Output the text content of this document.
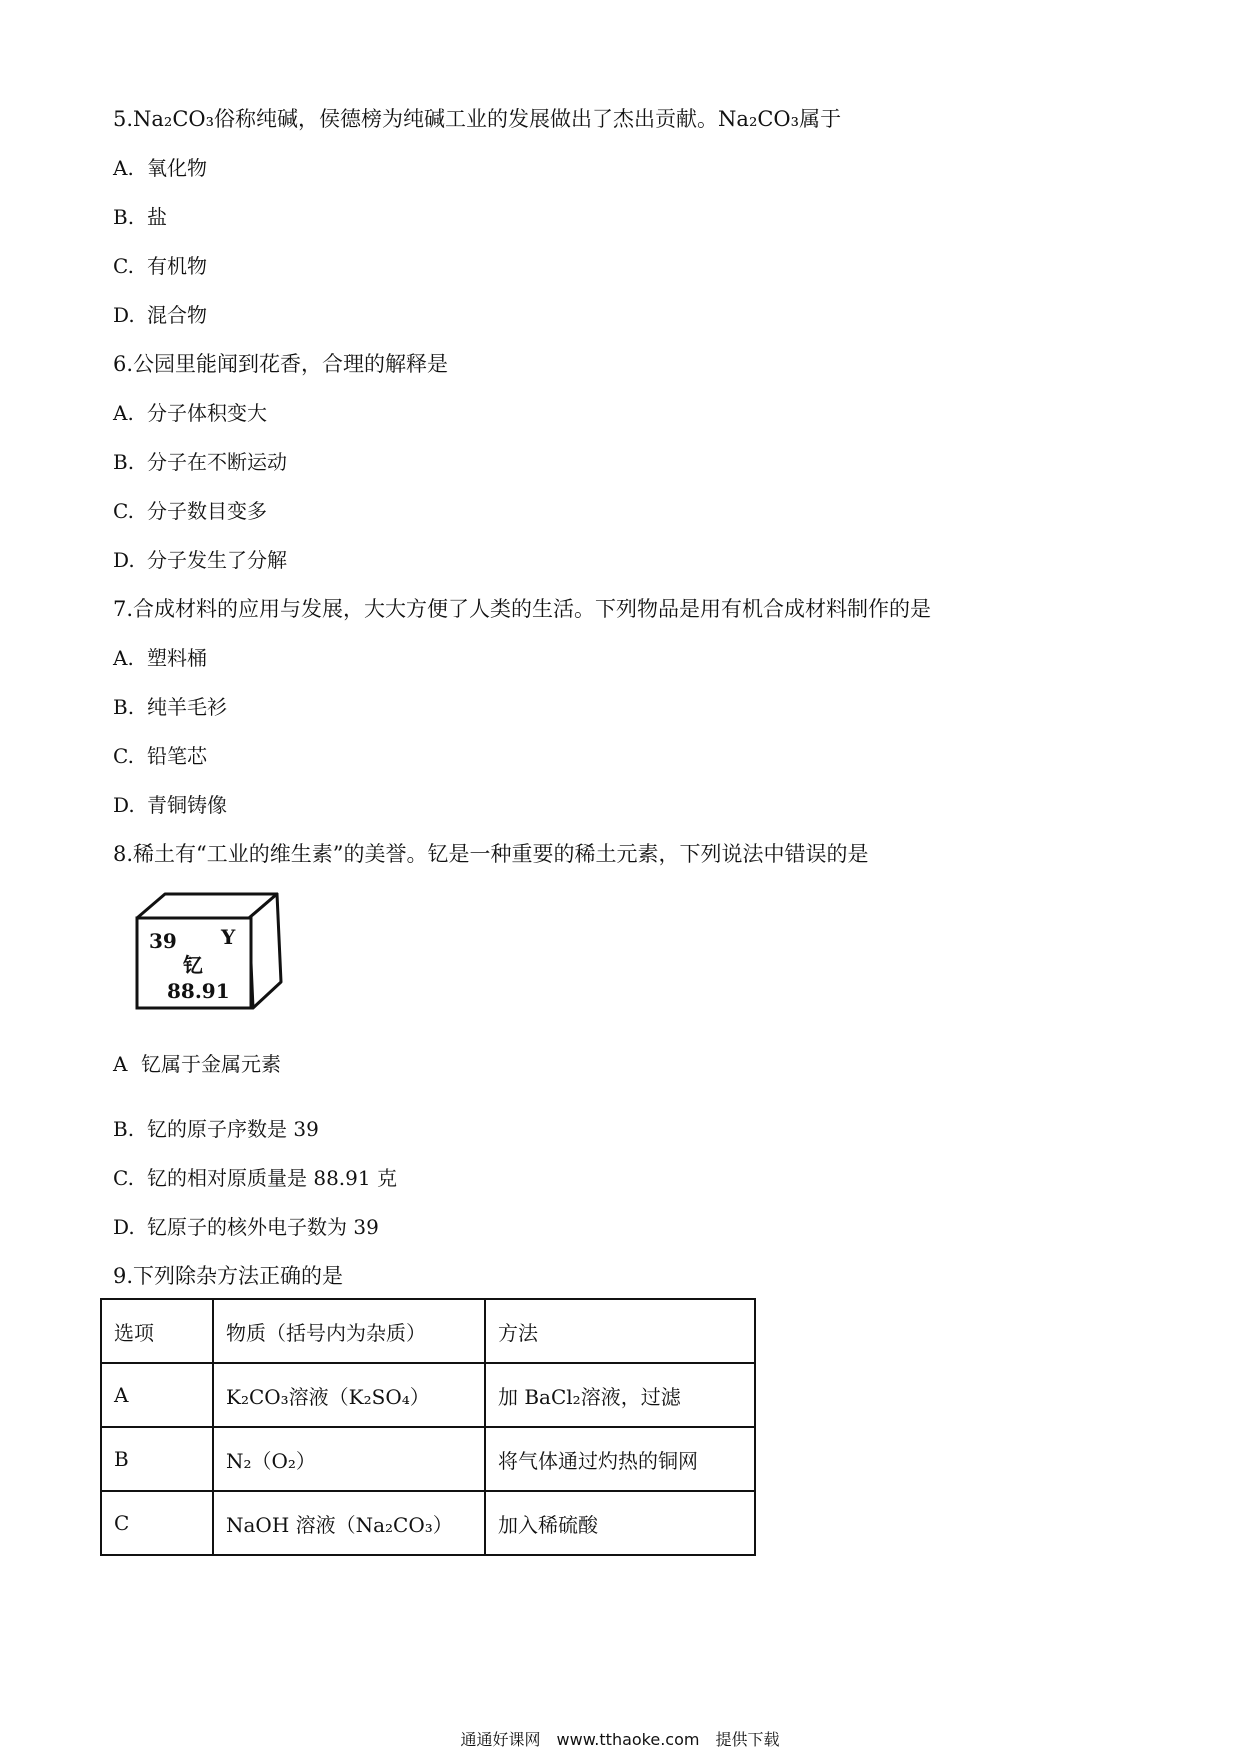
5.Na₂CO₃俗称纯碱，侯德榜为纯碱工业的发展做出了杰出贡献。Na₂CO₃属于
A. 氧化物
B. 盐
C. 有机物
D. 混合物
6.公园里能闻到花香，合理的解释是
A. 分子体积变大
B. 分子在不断运动
C. 分子数目变多
D. 分子发生了分解
7.合成材料的应用与发展，大大方便了人类的生活。下列物品是用有机合成材料制作的是
A. 塑料桶
B. 纯羊毛衫
C. 铅笔芯
D. 青铜铸像
8.稀土有“工业的维生素”的美誉。钇是一种重要的稀土元素，下列说法中错误的是
39 Y
钇
88.91
A 钇属于金属元素
B. 钇的原子序数是 39
C. 钇的相对原质量是 88.91 克
D. 钇原子的核外电子数为 39
9.下列除杂方法正确的是
选项	物质（括号内为杂质）	方法
A	K₂CO₃溶液（K₂SO₄）	加 BaCl₂溶液，过滤
B	N₂（O₂）	将气体通过灼热的铜网
C	NaOH 溶液（Na₂CO₃）	加入稀硫酸
通通好课网　www.tthaoke.com　提供下载
